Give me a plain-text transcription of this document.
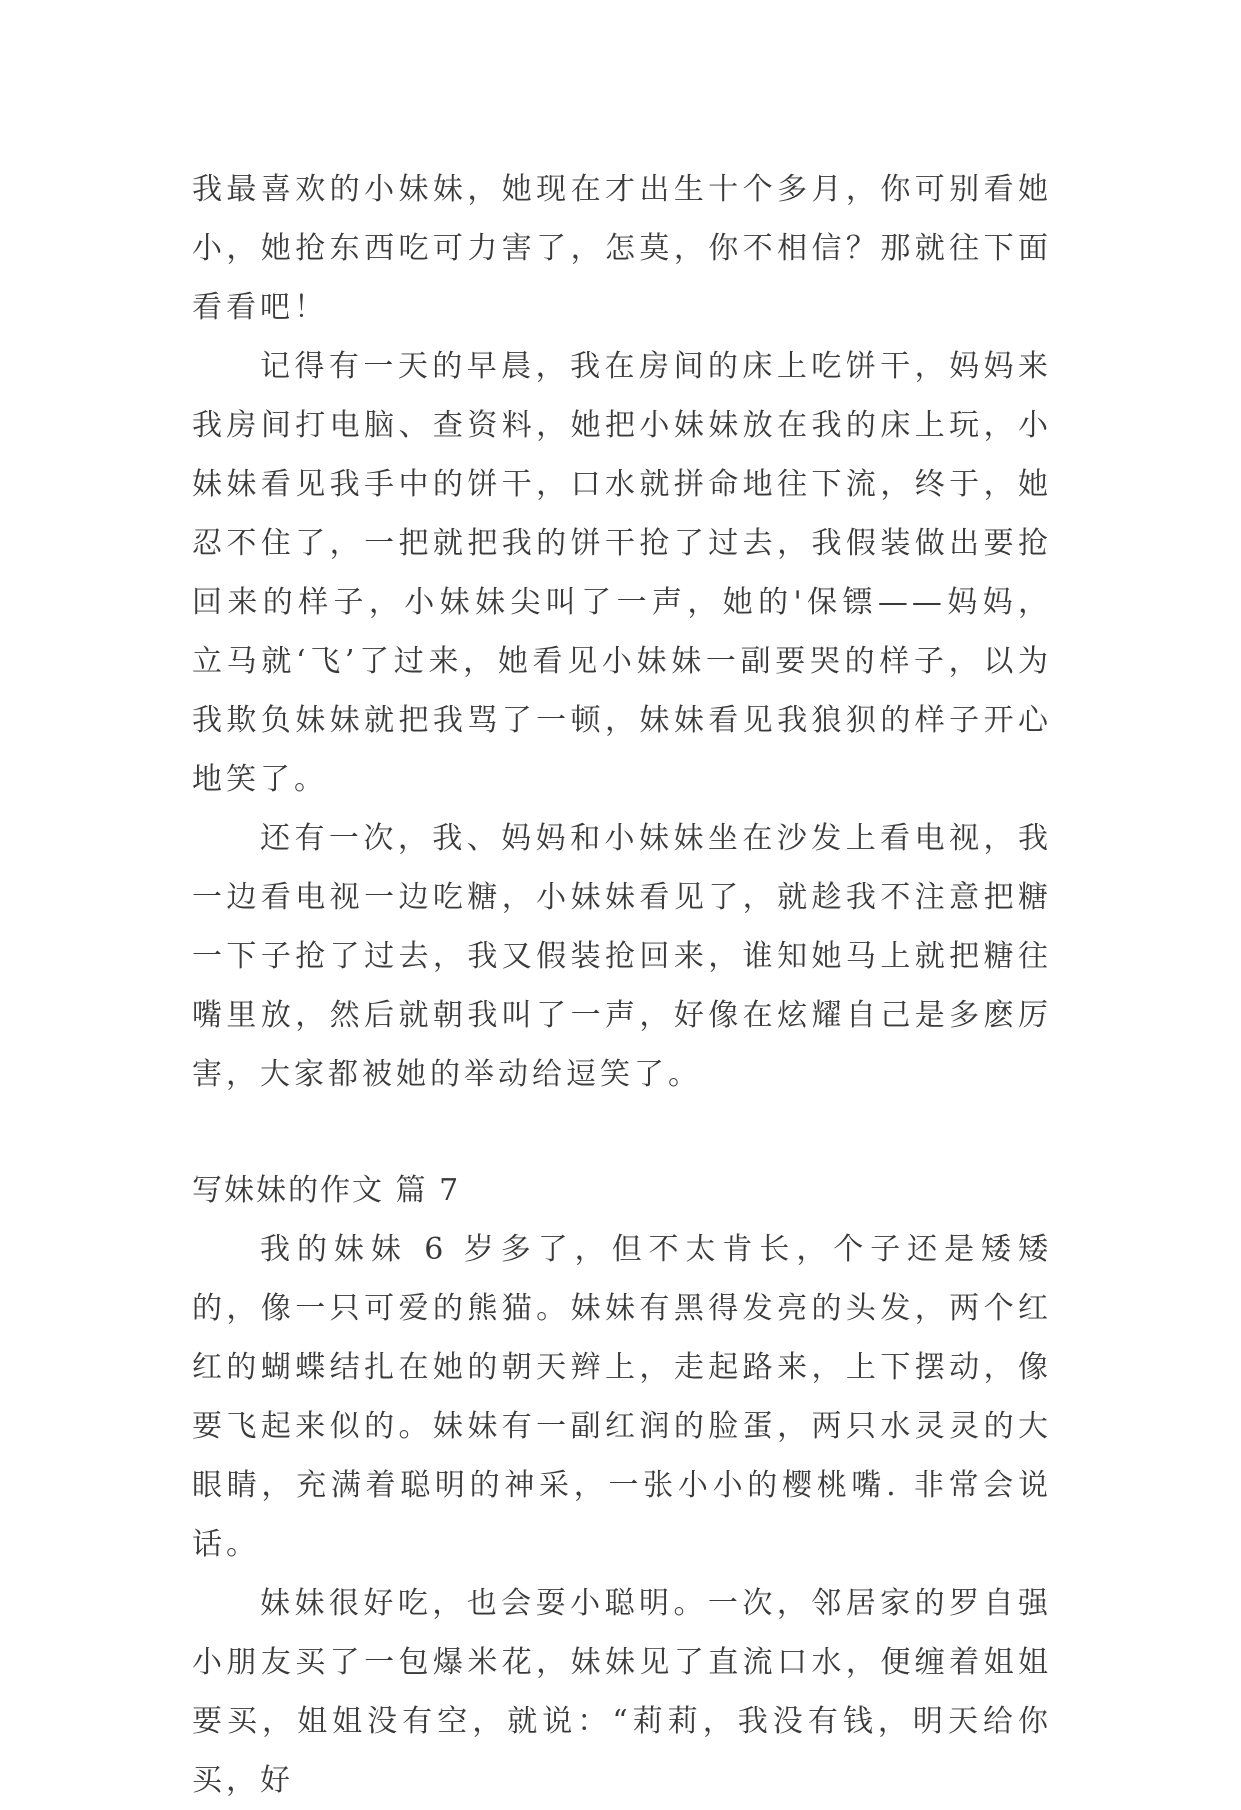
我最喜欢的小妹妹，她现在才出生十个多月，你可别看她小，她抢东西吃可力害了，怎莫，你不相信？那就往下面看看吧！

记得有一天的早晨，我在房间的床上吃饼干，妈妈来我房间打电脑、查资料，她把小妹妹放在我的床上玩，小妹妹看见我手中的饼干，口水就拼命地往下流，终于，她忍不住了，一把就把我的饼干抢了过去，我假装做出要抢回来的样子，小妹妹尖叫了一声，她的'保镖——妈妈，立马就‘飞’了过来，她看见小妹妹一副要哭的样子，以为我欺负妹妹就把我骂了一顿，妹妹看见我狼狈的样子开心地笑了。

还有一次，我、妈妈和小妹妹坐在沙发上看电视，我一边看电视一边吃糖，小妹妹看见了，就趁我不注意把糖一下子抢了过去，我又假装抢回来，谁知她马上就把糖往嘴里放，然后就朝我叫了一声，好像在炫耀自己是多麽厉害，大家都被她的举动给逗笑了。

写妹妹的作文 篇 7

我的妹妹 6 岁多了，但不太肯长，个子还是矮矮的，像一只可爱的熊猫。妹妹有黑得发亮的头发，两个红红的蝴蝶结扎在她的朝天辫上，走起路来，上下摆动，像要飞起来似的。妹妹有一副红润的脸蛋，两只水灵灵的大眼睛，充满着聪明的神采，一张小小的樱桃嘴. 非常会说话。

妹妹很好吃，也会耍小聪明。一次，邻居家的罗自强小朋友买了一包爆米花，妹妹见了直流口水，便缠着姐姐要买，姐姐没有空，就说：“莉莉，我没有钱，明天给你买，好
